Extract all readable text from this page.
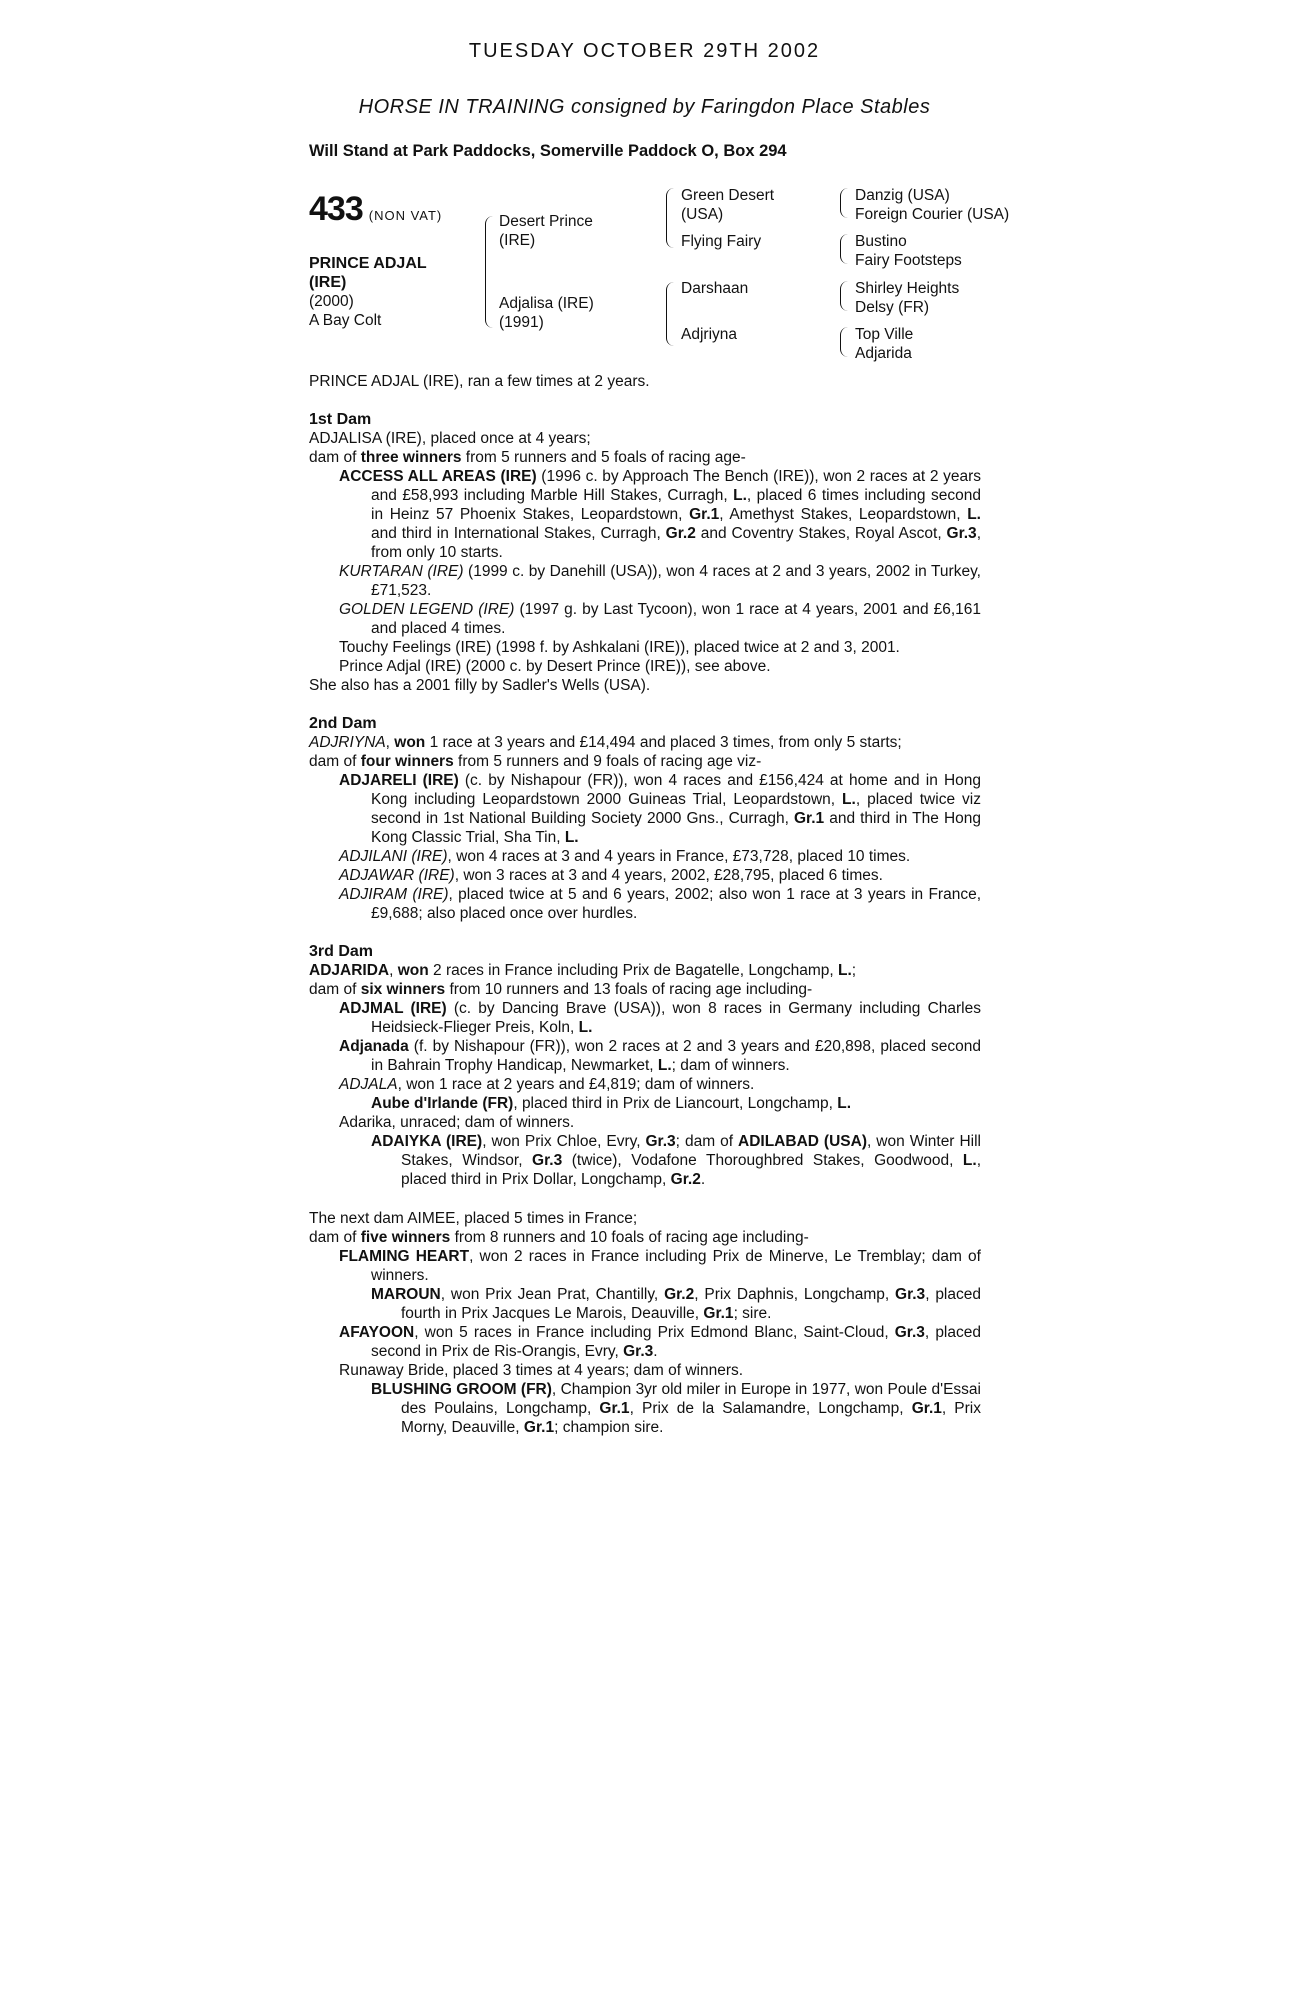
TUESDAY OCTOBER 29TH 2002
HORSE IN TRAINING consigned by Faringdon Place Stables
Will Stand at Park Paddocks, Somerville Paddock O, Box 294
433 (NON VAT)
PRINCE ADJAL
(IRE)
(2000)
A Bay Colt
Desert Prince
(IRE)
Adjalisa (IRE)
(1991)
Green Desert
(USA)
Flying Fairy
Darshaan
Adjriyna
Danzig (USA)
Foreign Courier (USA)
Bustino
Fairy Footsteps
Shirley Heights
Delsy (FR)
Top Ville
Adjarida
PRINCE ADJAL (IRE), ran a few times at 2 years.
1st Dam
ADJALISA (IRE), placed once at 4 years;
dam of three winners from 5 runners and 5 foals of racing age-
ACCESS ALL AREAS (IRE) (1996 c. by Approach The Bench (IRE)), won 2 races at 2 years and £58,993 including Marble Hill Stakes, Curragh, L., placed 6 times including second in Heinz 57 Phoenix Stakes, Leopardstown, Gr.1, Amethyst Stakes, Leopardstown, L. and third in International Stakes, Curragh, Gr.2 and Coventry Stakes, Royal Ascot, Gr.3, from only 10 starts.
KURTARAN (IRE) (1999 c. by Danehill (USA)), won 4 races at 2 and 3 years, 2002 in Turkey, £71,523.
GOLDEN LEGEND (IRE) (1997 g. by Last Tycoon), won 1 race at 4 years, 2001 and £6,161 and placed 4 times.
Touchy Feelings (IRE) (1998 f. by Ashkalani (IRE)), placed twice at 2 and 3, 2001.
Prince Adjal (IRE) (2000 c. by Desert Prince (IRE)), see above.
She also has a 2001 filly by Sadler's Wells (USA).
2nd Dam
ADJRIYNA, won 1 race at 3 years and £14,494 and placed 3 times, from only 5 starts;
dam of four winners from 5 runners and 9 foals of racing age viz-
ADJARELI (IRE) (c. by Nishapour (FR)), won 4 races and £156,424 at home and in Hong Kong including Leopardstown 2000 Guineas Trial, Leopardstown, L., placed twice viz second in 1st National Building Society 2000 Gns., Curragh, Gr.1 and third in The Hong Kong Classic Trial, Sha Tin, L.
ADJILANI (IRE), won 4 races at 3 and 4 years in France, £73,728, placed 10 times.
ADJAWAR (IRE), won 3 races at 3 and 4 years, 2002, £28,795, placed 6 times.
ADJIRAM (IRE), placed twice at 5 and 6 years, 2002; also won 1 race at 3 years in France, £9,688; also placed once over hurdles.
3rd Dam
ADJARIDA, won 2 races in France including Prix de Bagatelle, Longchamp, L.;
dam of six winners from 10 runners and 13 foals of racing age including-
ADJMAL (IRE) (c. by Dancing Brave (USA)), won 8 races in Germany including Charles Heidsieck-Flieger Preis, Koln, L.
Adjanada (f. by Nishapour (FR)), won 2 races at 2 and 3 years and £20,898, placed second in Bahrain Trophy Handicap, Newmarket, L.; dam of winners.
ADJALA, won 1 race at 2 years and £4,819; dam of winners.
Aube d'Irlande (FR), placed third in Prix de Liancourt, Longchamp, L.
Adarika, unraced; dam of winners.
ADAIYKA (IRE), won Prix Chloe, Evry, Gr.3; dam of ADILABAD (USA), won Winter Hill Stakes, Windsor, Gr.3 (twice), Vodafone Thoroughbred Stakes, Goodwood, L., placed third in Prix Dollar, Longchamp, Gr.2.
The next dam AIMEE, placed 5 times in France;
dam of five winners from 8 runners and 10 foals of racing age including-
FLAMING HEART, won 2 races in France including Prix de Minerve, Le Tremblay; dam of winners.
MAROUN, won Prix Jean Prat, Chantilly, Gr.2, Prix Daphnis, Longchamp, Gr.3, placed fourth in Prix Jacques Le Marois, Deauville, Gr.1; sire.
AFAYOON, won 5 races in France including Prix Edmond Blanc, Saint-Cloud, Gr.3, placed second in Prix de Ris-Orangis, Evry, Gr.3.
Runaway Bride, placed 3 times at 4 years; dam of winners.
BLUSHING GROOM (FR), Champion 3yr old miler in Europe in 1977, won Poule d'Essai des Poulains, Longchamp, Gr.1, Prix de la Salamandre, Longchamp, Gr.1, Prix Morny, Deauville, Gr.1; champion sire.
